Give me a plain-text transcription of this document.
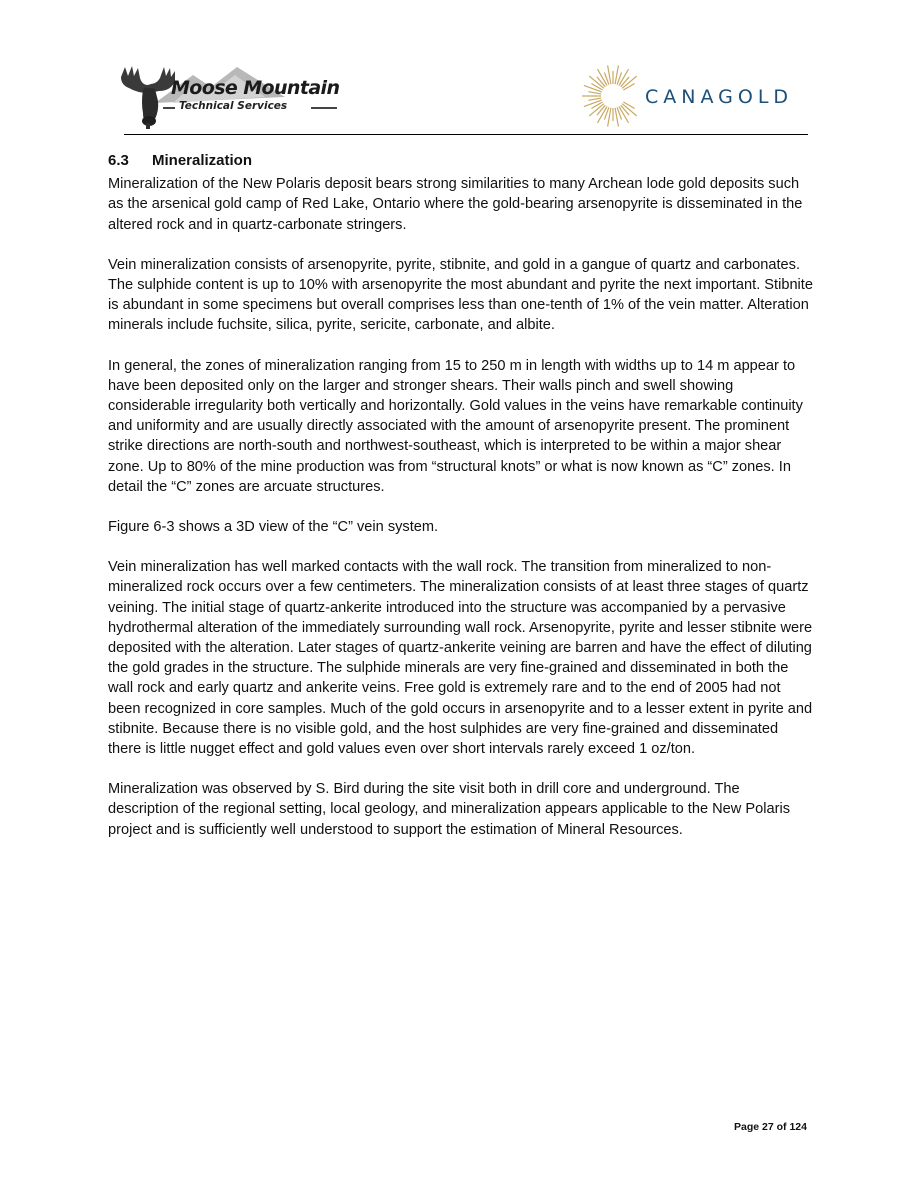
Moose Mountain
Technical Services	CANAGOLD
6.3 Mineralization

Mineralization of the New Polaris deposit bears strong similarities to many Archean lode gold deposits such as the arsenical gold camp of Red Lake, Ontario where the gold-bearing arsenopyrite is disseminated in the altered rock and in quartz-carbonate stringers.

Vein mineralization consists of arsenopyrite, pyrite, stibnite, and gold in a gangue of quartz and carbonates. The sulphide content is up to 10% with arsenopyrite the most abundant and pyrite the next important. Stibnite is abundant in some specimens but overall comprises less than one-tenth of 1% of the vein matter. Alteration minerals include fuchsite, silica, pyrite, sericite, carbonate, and albite.

In general, the zones of mineralization ranging from 15 to 250 m in length with widths up to 14 m appear to have been deposited only on the larger and stronger shears. Their walls pinch and swell showing considerable irregularity both vertically and horizontally. Gold values in the veins have remarkable continuity and uniformity and are usually directly associated with the amount of arsenopyrite present. The prominent strike directions are north-south and northwest-southeast, which is interpreted to be within a major shear zone. Up to 80% of the mine production was from “structural knots” or what is now known as “C” zones. In detail the “C” zones are arcuate structures.

Figure 6-3 shows a 3D view of the “C” vein system.

Vein mineralization has well marked contacts with the wall rock. The transition from mineralized to non-mineralized rock occurs over a few centimeters. The mineralization consists of at least three stages of quartz veining. The initial stage of quartz-ankerite introduced into the structure was accompanied by a pervasive hydrothermal alteration of the immediately surrounding wall rock. Arsenopyrite, pyrite and lesser stibnite were deposited with the alteration. Later stages of quartz-ankerite veining are barren and have the effect of diluting the gold grades in the structure. The sulphide minerals are very fine-grained and disseminated in both the wall rock and early quartz and ankerite veins. Free gold is extremely rare and to the end of 2005 had not been recognized in core samples. Much of the gold occurs in arsenopyrite and to a lesser extent in pyrite and stibnite. Because there is no visible gold, and the host sulphides are very fine-grained and disseminated there is little nugget effect and gold values even over short intervals rarely exceed 1 oz/ton.

Mineralization was observed by S. Bird during the site visit both in drill core and underground. The description of the regional setting, local geology, and mineralization appears applicable to the New Polaris project and is sufficiently well understood to support the estimation of Mineral Resources.

Page 27 of 124
